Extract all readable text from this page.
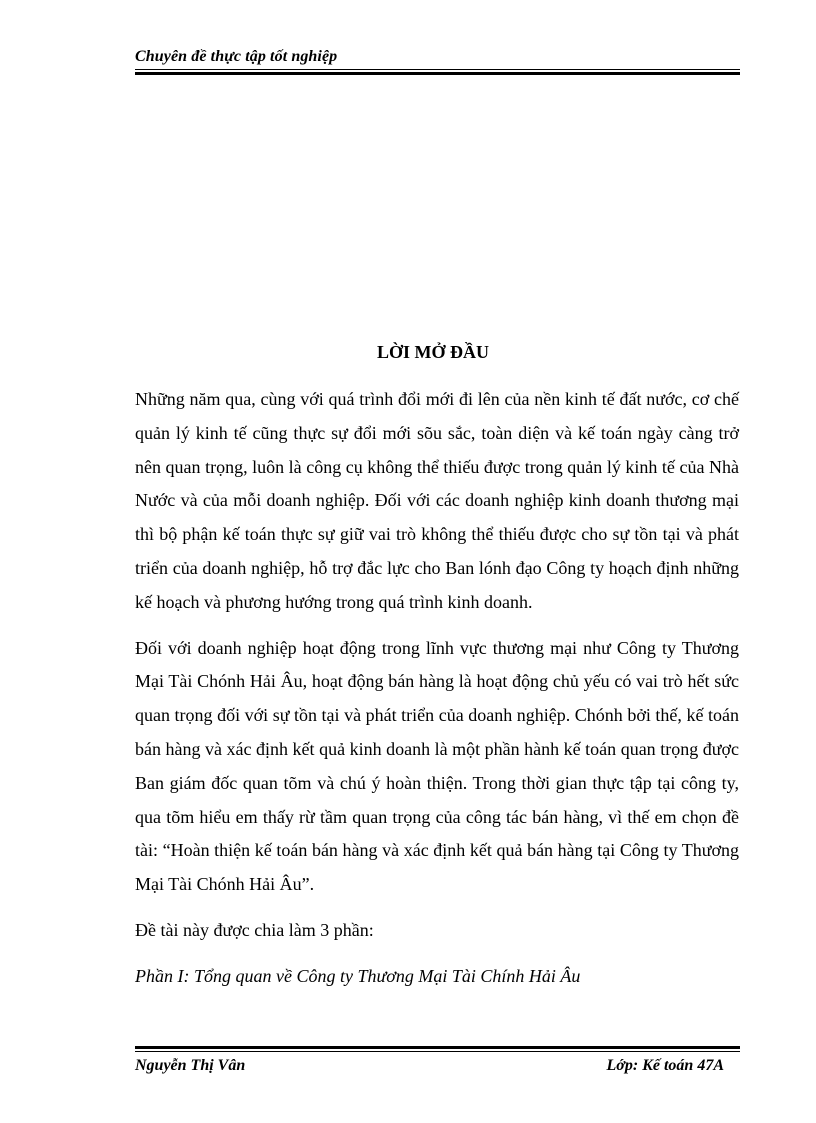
Chuyên đề thực tập tốt nghiệp
LỜI MỞ ĐẦU

Những năm qua, cùng với quá trình đổi mới đi lên của nền kinh tế đất nước, cơ chế quản lý kinh tế cũng thực sự đổi mới sõu sắc, toàn diện và kế toán ngày càng trở nên quan trọng, luôn là công cụ không thể thiếu được trong quản lý kinh tế của Nhà Nước và của mỗi doanh nghiệp. Đối với các doanh nghiệp kinh doanh thương mại thì bộ phận kế toán thực sự giữ vai trò không thể thiếu được cho sự tồn tại và phát triển của doanh nghiệp, hỗ trợ đắc lực cho Ban lónh đạo Công ty hoạch định những kế hoạch và phương hướng trong quá trình kinh doanh.

Đối với doanh nghiệp hoạt động trong lĩnh vực thương mại như Công ty Thương Mại Tài Chónh Hải Âu, hoạt động bán hàng là hoạt động chủ yếu có vai trò hết sức quan trọng đối với sự tồn tại và phát triển của doanh nghiệp. Chónh bởi thế, kế toán bán hàng và xác định kết quả kinh doanh là một phần hành kế toán quan trọng được Ban giám đốc quan tõm và chú ý hoàn thiện. Trong thời gian thực tập tại công ty, qua tõm hiểu em thấy rừ tầm quan trọng của công tác bán hàng, vì thế em chọn đề tài: “Hoàn thiện kế toán bán hàng và xác định kết quả bán hàng tại Công ty Thương Mại Tài Chónh Hải Âu”.

Đề tài này được chia làm 3 phần:

Phần I: Tổng quan về Công ty Thương Mại Tài Chính Hải Âu

Nguyễn Thị Vân	Lớp: Kế toán 47A
